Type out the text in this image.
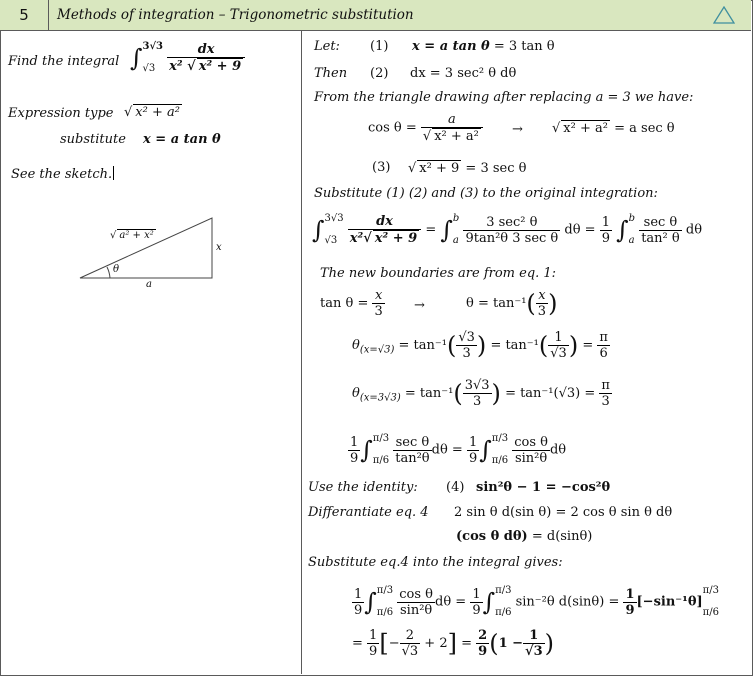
5	Methods of integration – Trigonometric substitution
Find the integral ∫ 3√3
√3
$\frac{dx}{\text{x² √ x² + 9}}$
Expression type √ x² + a²
substitute x = a tan θ
See the sketch.
√ a² + x²
x
a
θ
Let: (1) x = a tan θ = 3 tan θ
Then (2) dx = 3 sec² θ dθ
From the triangle drawing after replacing a = 3 we have:
$\cos \theta = \frac{a}{\text{√ x² + a²}}$ → √ x² + a² = a sec θ
(3) √ x² + 9 = 3 sec θ
Substitute (1) (2) and (3) to the original integration:
∫ 3√3
√3
$\frac{dx}{\text{x²√ x² + 9}}$ = ∫ b
a
$\frac{\text{3 sec² θ}}{\text{9tan²θ 3 sec θ}}$ $d\theta = \frac{1}{9}$ ∫ b
a
$\frac{\text{sec θ}}{\text{tan² θ}}$ dθ
The new boundaries are from eq. 1:
$\tan \theta = \frac{x}{3}$ →	$\theta = \tan^{-1}( \frac{x}{3}$ )
$\theta_{(x=√3)} = \tan^{-1}( \frac{√3}{3}$ ) = $\tan^{-1}( \frac{1}{√3}$ ) = $\frac{\pi}{6}$
$\theta_{(x=3√3)} = \tan^{-1}( \frac{3√3}{3}$ ) = $\tan^{-1}(√3) = \frac{\pi}{3}$
$\frac{1}{9}$ ∫ π/3
π/6
$\frac{\text{sec θ}}{\text{tan²θ}}$ $d\theta = \frac{1}{9}$ ∫ π/3
π/6
$\frac{\text{cos θ}}{\text{sin²θ}}$ dθ
Use the identity: (4) sin²θ − 1 = −cos²θ
Differantiate eq. 4 2 sin θ d(sin θ) = 2 cos θ sin θ dθ
(cos θ dθ) = d(sinθ)
Substitute eq.4 into the integral gives:
$\frac{1}{9}$ ∫ π/3
π/6
$\frac{\text{cos θ}}{\text{sin²θ}}$ $d\theta = \frac{1}{9}$ ∫ π/3
π/6
sin⁻²θ $d(\sin\theta) = \frac{1}{9} [-\sin^{-1}\theta]$
π/3
π/6
= $\frac{1}{9}$ [− $\frac{2}{√3} + 2] = \frac{2}{9} (1 - \frac{1}{√3}$ )
